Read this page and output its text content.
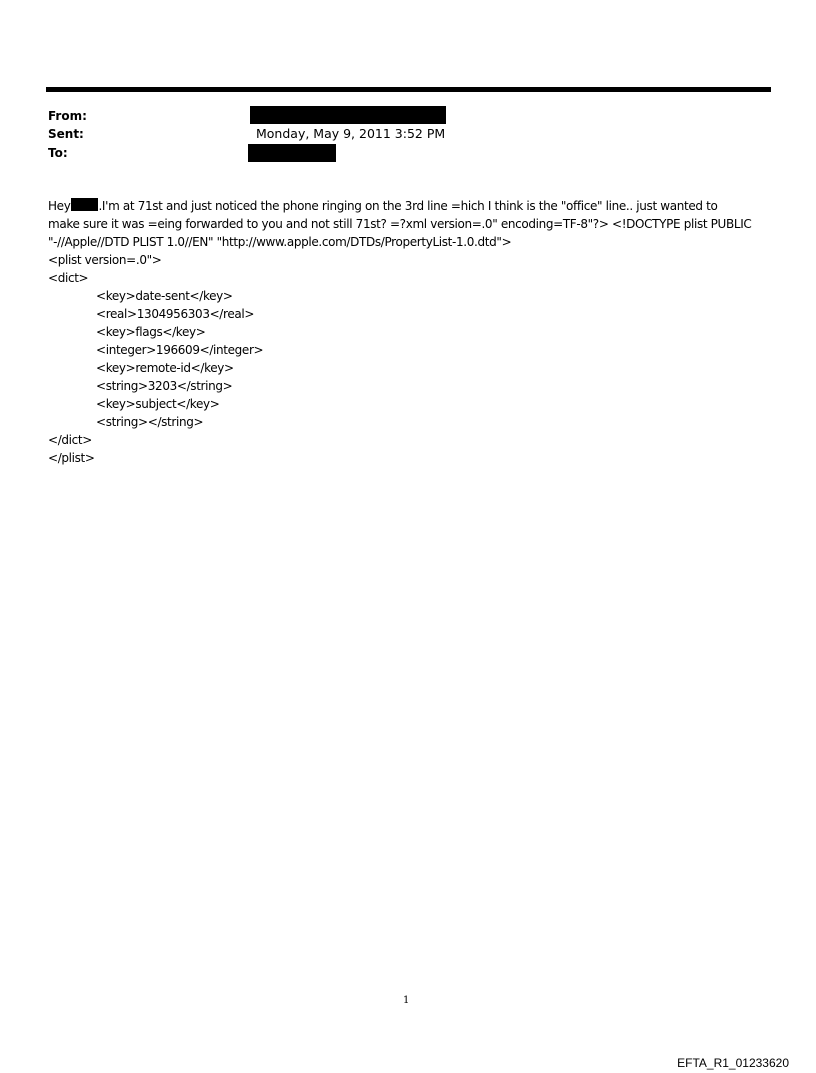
From:
Sent:	Monday, May 9, 2011 3:52 PM
To:
Hey .I'm at 71st and just noticed the phone ringing on the 3rd line =hich I think is the "office" line.. just wanted to
make sure it was =eing forwarded to you and not still 71st? =?xml version=.0" encoding=TF-8"?> <!DOCTYPE plist PUBLIC
"-//Apple//DTD PLIST 1.0//EN" "http://www.apple.com/DTDs/PropertyList-1.0.dtd">
<plist version=.0">
<dict>
<key>date-sent</key>
<real>1304956303</real>
<key>flags</key>
<integer>196609</integer>
<key>remote-id</key>
<string>3203</string>
<key>subject</key>
<string></string>
</dict>
</plist>
1
EFTA_R1_01233620
